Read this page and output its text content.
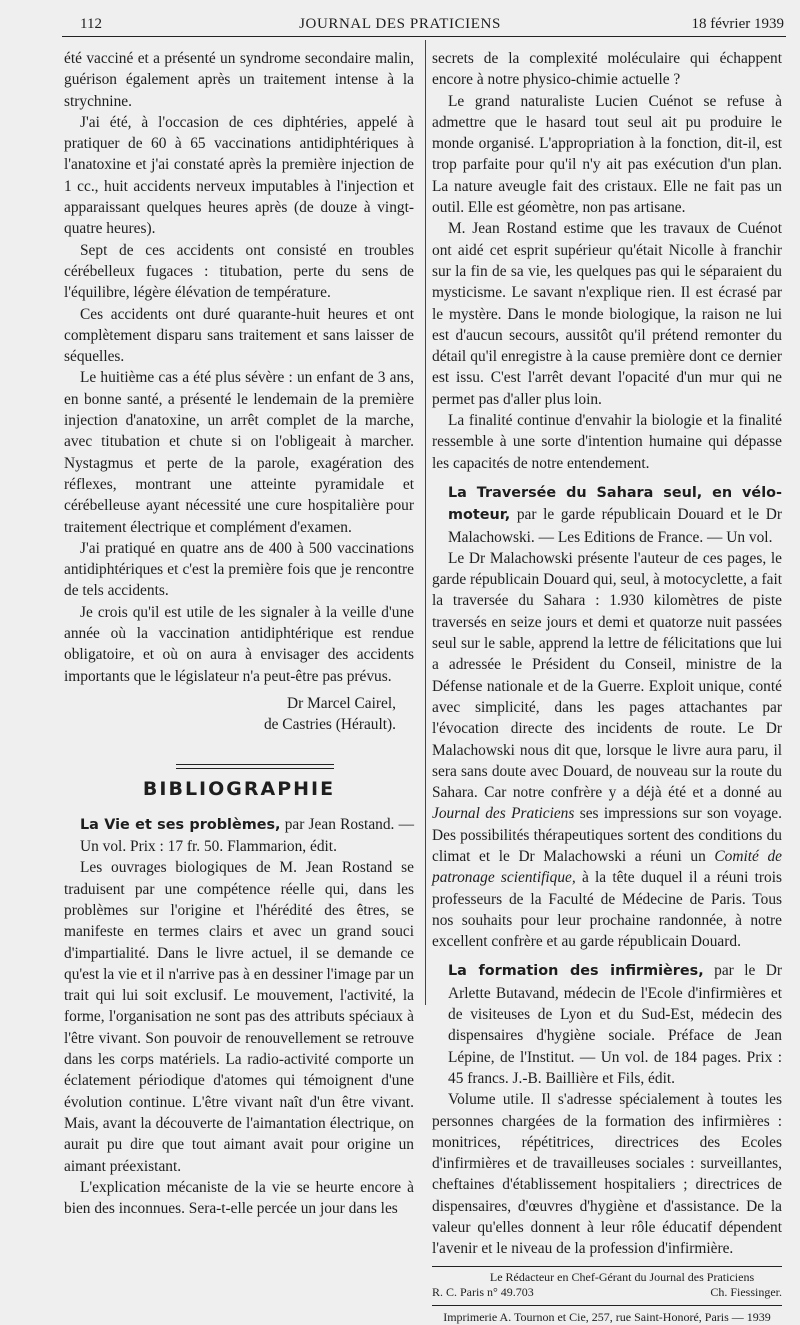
112	JOURNAL DES PRATICIENS	18 février 1939

été vacciné et a présenté un syndrome secondaire malin, guérison également après un traitement intense à la strychnine.

J'ai été, à l'occasion de ces diphtéries, appelé à pratiquer de 60 à 65 vaccinations antidiphtériques à l'anatoxine et j'ai constaté après la première injection de 1 cc., huit accidents nerveux imputables à l'injection et apparaissant quelques heures après (de douze à vingt-quatre heures).

Sept de ces accidents ont consisté en troubles cérébelleux fugaces : titubation, perte du sens de l'équilibre, légère élévation de température.

Ces accidents ont duré quarante-huit heures et ont complètement disparu sans traitement et sans laisser de séquelles.

Le huitième cas a été plus sévère : un enfant de 3 ans, en bonne santé, a présenté le lendemain de la première injection d'anatoxine, un arrêt complet de la marche, avec titubation et chute si on l'obligeait à marcher. Nystagmus et perte de la parole, exagération des réflexes, montrant une atteinte pyramidale et cérébelleuse ayant nécessité une cure hospitalière pour traitement électrique et complément d'examen.

J'ai pratiqué en quatre ans de 400 à 500 vaccinations antidiphtériques et c'est la première fois que je rencontre de tels accidents.

Je crois qu'il est utile de les signaler à la veille d'une année où la vaccination antidiphtérique est rendue obligatoire, et où on aura à envisager des accidents importants que le législateur n'a peut-être pas prévus.

Dr Marcel Cairel,
de Castries (Hérault).
BIBLIOGRAPHIE

La Vie et ses problèmes, par Jean Rostand. — Un vol. Prix : 17 fr. 50. Flammarion, édit.

Les ouvrages biologiques de M. Jean Rostand se traduisent par une compétence réelle qui, dans les problèmes sur l'origine et l'hérédité des êtres, se manifeste en termes clairs et avec un grand souci d'impartialité. Dans le livre actuel, il se demande ce qu'est la vie et il n'arrive pas à en dessiner l'image par un trait qui lui soit exclusif. Le mouvement, l'activité, la forme, l'organisation ne sont pas des attributs spéciaux à l'être vivant. Son pouvoir de renouvellement se retrouve dans les corps matériels. La radio-activité comporte un éclatement périodique d'atomes qui témoignent d'une évolution continue. L'être vivant naît d'un être vivant. Mais, avant la découverte de l'aimantation électrique, on aurait pu dire que tout aimant avait pour origine un aimant préexistant.

L'explication mécaniste de la vie se heurte encore à bien des inconnues. Sera-t-elle percée un jour dans les

secrets de la complexité moléculaire qui échappent encore à notre physico-chimie actuelle ?

Le grand naturaliste Lucien Cuénot se refuse à admettre que le hasard tout seul ait pu produire le monde organisé. L'appropriation à la fonction, dit-il, est trop parfaite pour qu'il n'y ait pas exécution d'un plan. La nature aveugle fait des cristaux. Elle ne fait pas un outil. Elle est géomètre, non pas artisane.

M. Jean Rostand estime que les travaux de Cuénot ont aidé cet esprit supérieur qu'était Nicolle à franchir sur la fin de sa vie, les quelques pas qui le séparaient du mysticisme. Le savant n'explique rien. Il est écrasé par le mystère. Dans le monde biologique, la raison ne lui est d'aucun secours, aussitôt qu'il prétend remonter du détail qu'il enregistre à la cause première dont ce dernier est issu. C'est l'arrêt devant l'opacité d'un mur qui ne permet pas d'aller plus loin.

La finalité continue d'envahir la biologie et la finalité ressemble à une sorte d'intention humaine qui dépasse les capacités de notre entendement.

La Traversée du Sahara seul, en vélo-moteur, par le garde républicain Douard et le Dr Malachowski. — Les Editions de France. — Un vol.

Le Dr Malachowski présente l'auteur de ces pages, le garde républicain Douard qui, seul, à motocyclette, a fait la traversée du Sahara : 1.930 kilomètres de piste traversés en seize jours et demi et quatorze nuit passées seul sur le sable, apprend la lettre de félicitations que lui a adressée le Président du Conseil, ministre de la Défense nationale et de la Guerre. Exploit unique, conté avec simplicité, dans les pages attachantes par l'évocation directe des incidents de route. Le Dr Malachowski nous dit que, lorsque le livre aura paru, il sera sans doute avec Douard, de nouveau sur la route du Sahara. Car notre confrère y a déjà été et a donné au Journal des Praticiens ses impressions sur son voyage. Des possibilités thérapeutiques sortent des conditions du climat et le Dr Malachowski a réuni un Comité de patronage scientifique, à la tête duquel il a réuni trois professeurs de la Faculté de Médecine de Paris. Tous nos souhaits pour leur prochaine randonnée, à notre excellent confrère et au garde républicain Douard.

La formation des infirmières, par le Dr Arlette Butavand, médecin de l'Ecole d'infirmières et de visiteuses de Lyon et du Sud-Est, médecin des dispensaires d'hygiène sociale. Préface de Jean Lépine, de l'Institut. — Un vol. de 184 pages. Prix : 45 francs. J.-B. Baillière et Fils, édit.

Volume utile. Il s'adresse spécialement à toutes les personnes chargées de la formation des infirmières : monitrices, répétitrices, directrices des Ecoles d'infirmières et de travailleuses sociales : surveillantes, cheftaines d'établissement hospitaliers ; directrices de dispensaires, d'œuvres d'hygiène et d'assistance. De la valeur qu'elles donnent à leur rôle éducatif dépendent l'avenir et le niveau de la profession d'infirmière.

Le Rédacteur en Chef-Gérant du Journal des Praticiens
R. C. Paris n° 49.703	Ch. Fiessinger.
Imprimerie A. Tournon et Cie, 257, rue Saint-Honoré, Paris — 1939
